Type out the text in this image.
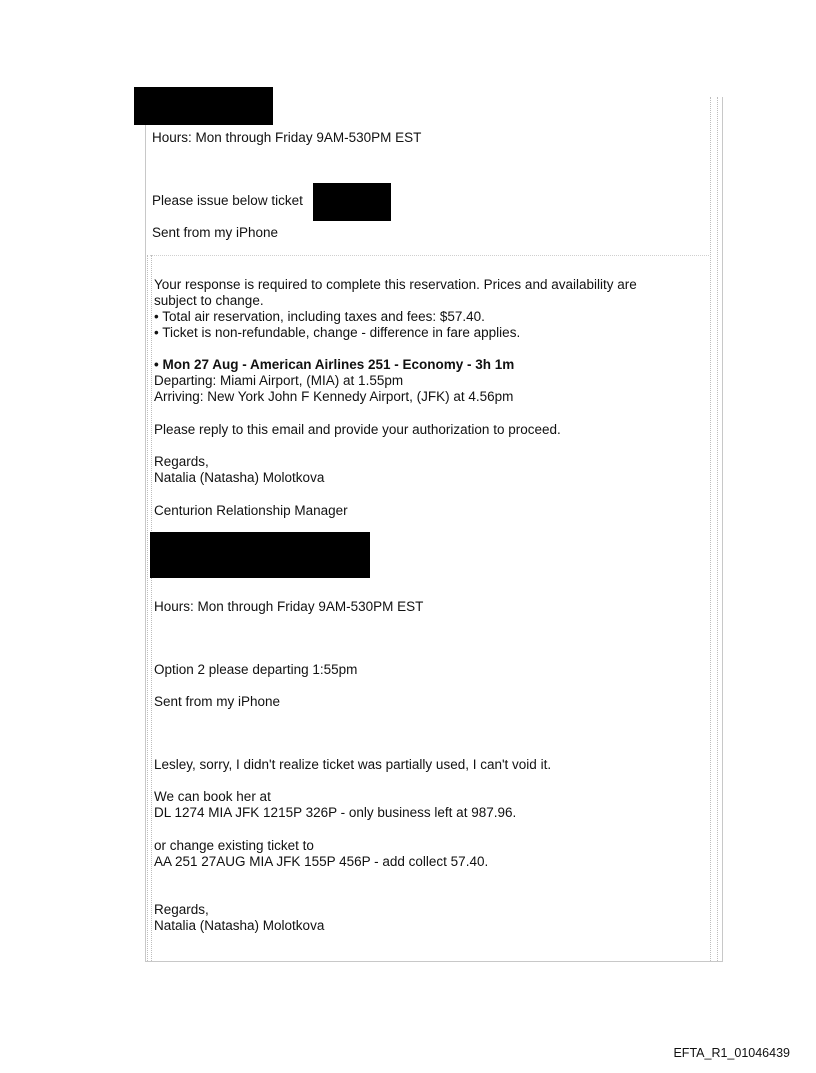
Hours: Mon through Friday 9AM-530PM EST
Please issue below ticket
Sent from my iPhone
Your response is required to complete this reservation. Prices and availability are
subject to change.
• Total air reservation, including taxes and fees: $57.40.
• Ticket is non-refundable, change - difference in fare applies.
• Mon 27 Aug - American Airlines 251 - Economy - 3h 1m
Departing: Miami Airport, (MIA) at 1.55pm
Arriving: New York John F Kennedy Airport, (JFK) at 4.56pm
Please reply to this email and provide your authorization to proceed.
Regards,
Natalia (Natasha) Molotkova
Centurion Relationship Manager
Hours: Mon through Friday 9AM-530PM EST
Option 2 please departing 1:55pm
Sent from my iPhone
Lesley, sorry, I didn't realize ticket was partially used, I can't void it.
We can book her at
DL 1274 MIA JFK 1215P 326P - only business left at 987.96.
or change existing ticket to
AA 251 27AUG MIA JFK 155P 456P - add collect 57.40.
Regards,
Natalia (Natasha) Molotkova
EFTA_R1_01046439
